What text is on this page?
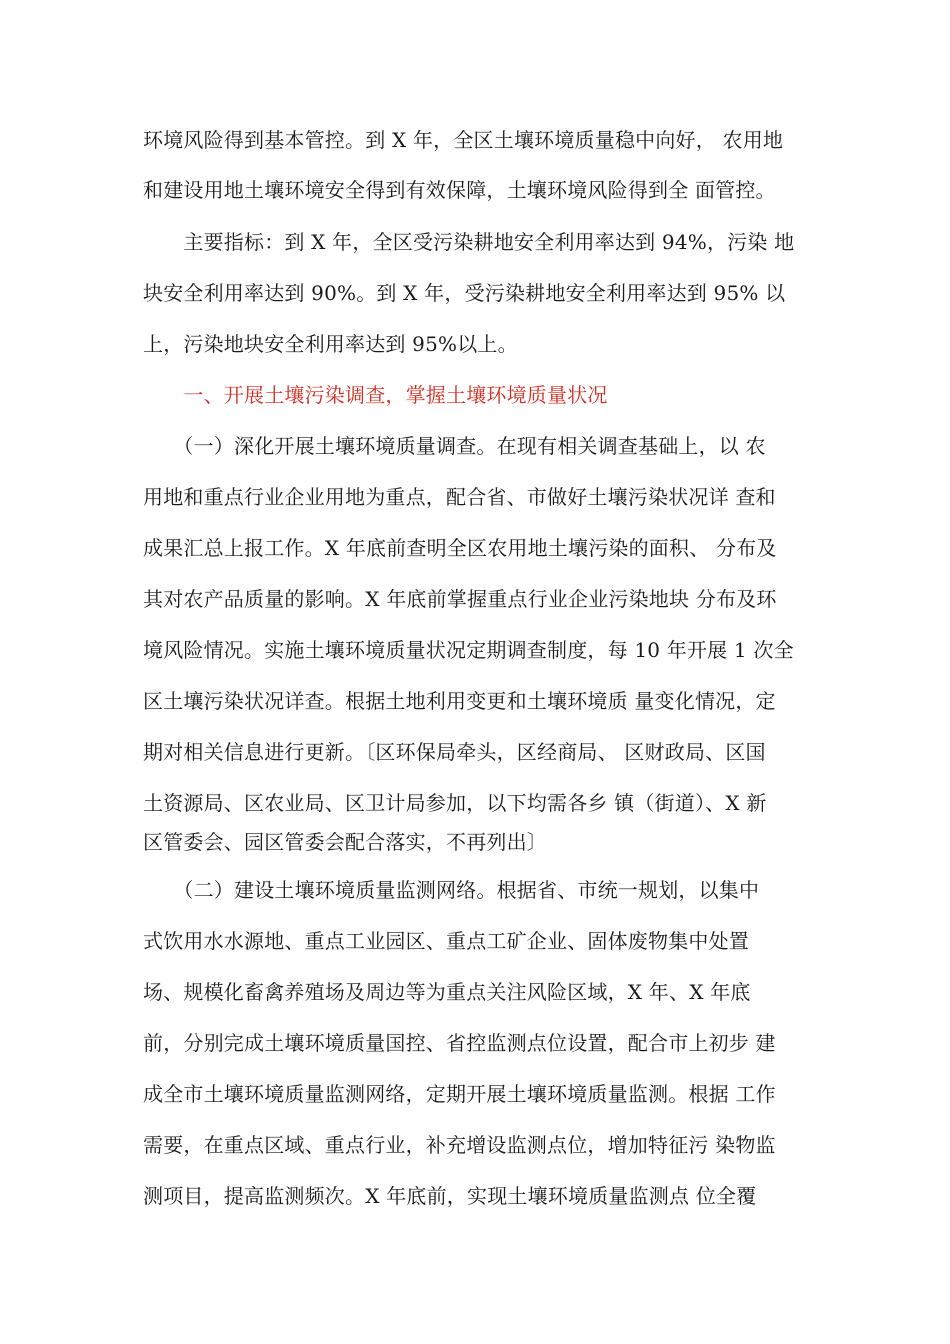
环境风险得到基本管控。到 X 年，全区土壤环境质量稳中向好， 农用地
和建设用地土壤环境安全得到有效保障，土壤环境风险得到全 面管控。
　　主要指标：到 X 年，全区受污染耕地安全利用率达到 94%，污染 地
块安全利用率达到 90%。到 X 年，受污染耕地安全利用率达到 95% 以
上，污染地块安全利用率达到 95%以上。
　　一、开展土壤污染调查，掌握土壤环境质量状况
　　（一）深化开展土壤环境质量调查。在现有相关调查基础上，以 农
用地和重点行业企业用地为重点，配合省、市做好土壤污染状况详 查和
成果汇总上报工作。X 年底前查明全区农用地土壤污染的面积、 分布及
其对农产品质量的影响。X 年底前掌握重点行业企业污染地块 分布及环
境风险情况。实施土壤环境质量状况定期调查制度，每 10 年开展 1 次全
区土壤污染状况详查。根据土地利用变更和土壤环境质 量变化情况，定
期对相关信息进行更新。〔区环保局牵头，区经商局、 区财政局、区国
土资源局、区农业局、区卫计局参加，以下均需各乡 镇（街道）、X 新
区管委会、园区管委会配合落实，不再列出〕
　　（二）建设土壤环境质量监测网络。根据省、市统一规划，以集中
式饮用水水源地、重点工业园区、重点工矿企业、固体废物集中处置
场、规模化畜禽养殖场及周边等为重点关注风险区域，X 年、X 年底
前，分别完成土壤环境质量国控、省控监测点位设置，配合市上初步 建
成全市土壤环境质量监测网络，定期开展土壤环境质量监测。根据 工作
需要，在重点区域、重点行业，补充增设监测点位，增加特征污 染物监
测项目，提高监测频次。X 年底前，实现土壤环境质量监测点 位全覆
